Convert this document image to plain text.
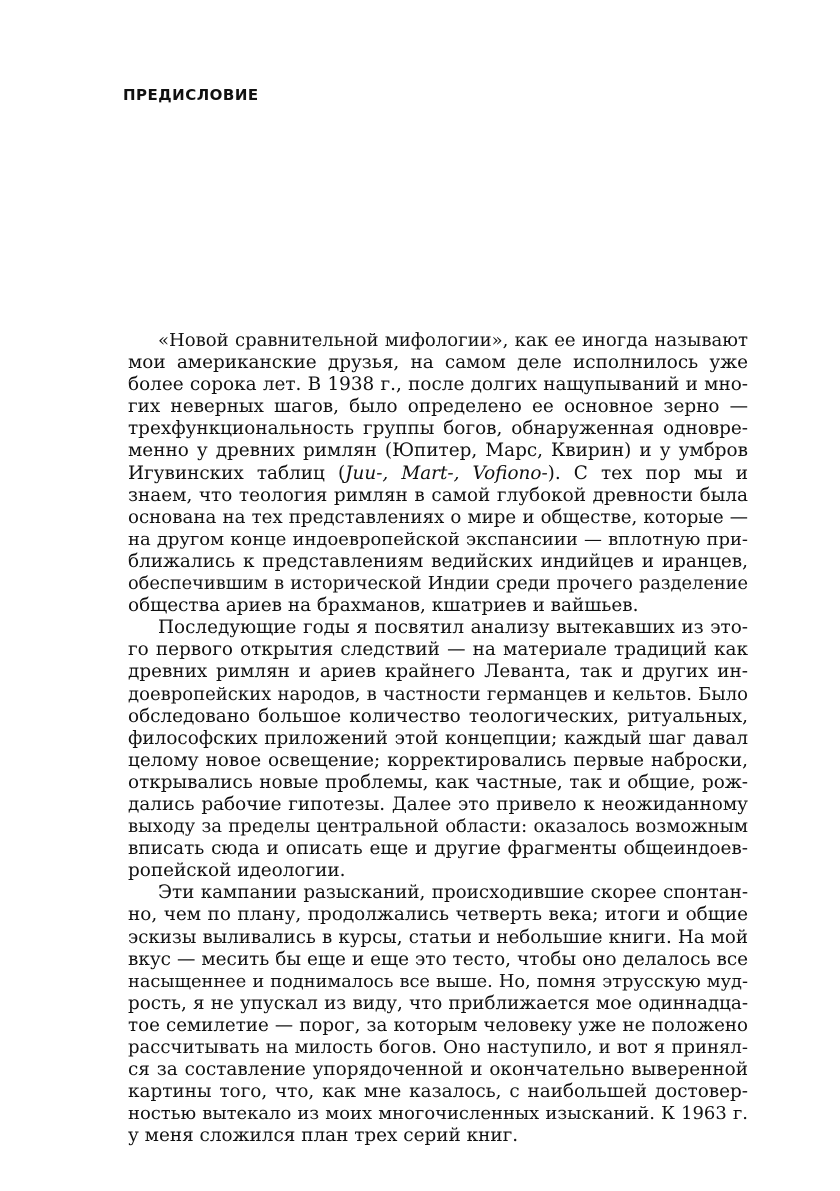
ПРЕДИСЛОВИЕ
«Новой сравнительной мифологии», как ее иногда называют
мои американские друзья, на самом деле исполнилось уже
более сорока лет. В 1938 г., после долгих нащупываний и мно-
гих неверных шагов, было определено ее основное зерно —
трехфункциональность группы богов, обнаруженная одновре-
менно у древних римлян (Юпитер, Марс, Квирин) и у умбров
Игувинских таблиц (Juu-, Mart-, Vofiono-). С тех пор мы и
знаем, что теология римлян в самой глубокой древности была
основана на тех представлениях о мире и обществе, которые —
на другом конце индоевропейской экспансиии — вплотную при-
ближались к представлениям ведийских индийцев и иранцев,
обеспечившим в исторической Индии среди прочего разделение
общества ариев на брахманов, кшатриев и вайшьев.
Последующие годы я посвятил анализу вытекавших из это-
го первого открытия следствий — на материале традиций как
древних римлян и ариев крайнего Леванта, так и других ин-
доевропейских народов, в частности германцев и кельтов. Было
обследовано большое количество теологических, ритуальных,
философских приложений этой концепции; каждый шаг давал
целому новое освещение; корректировались первые наброски,
открывались новые проблемы, как частные, так и общие, рож-
дались рабочие гипотезы. Далее это привело к неожиданному
выходу за пределы центральной области: оказалось возможным
вписать сюда и описать еще и другие фрагменты общеиндоев-
ропейской идеологии.
Эти кампании разысканий, происходившие скорее спонтан-
но, чем по плану, продолжались четверть века; итоги и общие
эскизы выливались в курсы, статьи и небольшие книги. На мой
вкус — месить бы еще и еще это тесто, чтобы оно делалось все
насыщеннее и поднималось все выше. Но, помня этрусскую муд-
рость, я не упускал из виду, что приближается мое одиннадца-
тое семилетие — порог, за которым человеку уже не положено
рассчитывать на милость богов. Оно наступило, и вот я принял-
ся за составление упорядоченной и окончательно выверенной
картины того, что, как мне казалось, с наибольшей достовер-
ностью вытекало из моих многочисленных изысканий. К 1963 г.
у меня сложился план трех серий книг.
